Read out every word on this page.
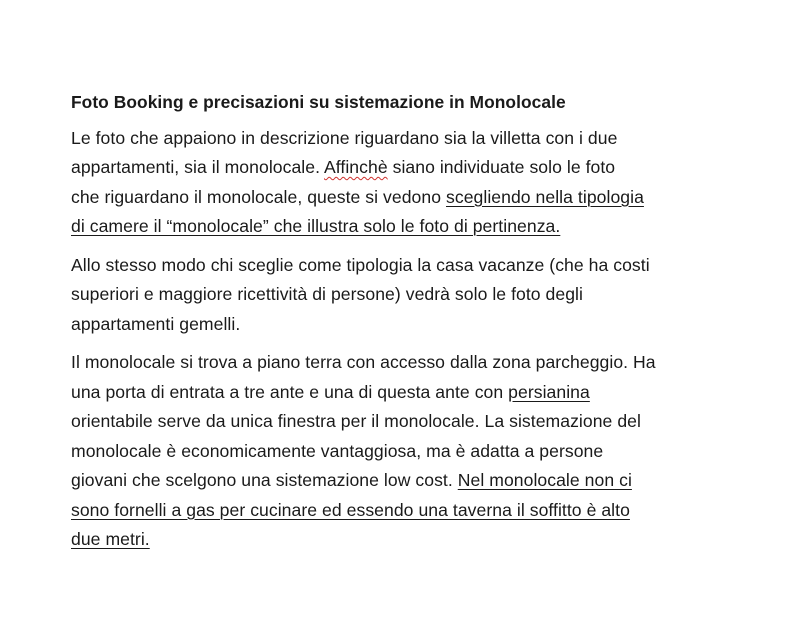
Foto Booking e precisazioni su sistemazione in Monolocale
Le foto che appaiono in descrizione riguardano sia la villetta con i due
appartamenti, sia il monolocale. Affinchè siano individuate solo le foto
che riguardano il monolocale, queste si vedono scegliendo nella tipologia
di camere il “monolocale” che illustra solo le foto di pertinenza.
Allo stesso modo chi sceglie come tipologia la casa vacanze (che ha costi
superiori e maggiore ricettività di persone) vedrà solo le foto degli
appartamenti gemelli.
Il monolocale si trova a piano terra con accesso dalla zona parcheggio. Ha
una porta di entrata a tre ante e una di questa ante con persianina
orientabile serve da unica finestra per il monolocale. La sistemazione del
monolocale è economicamente vantaggiosa, ma è adatta a persone
giovani che scelgono una sistemazione low cost. Nel monolocale non ci
sono fornelli a gas per cucinare ed essendo una taverna il soffitto è alto
due metri.
